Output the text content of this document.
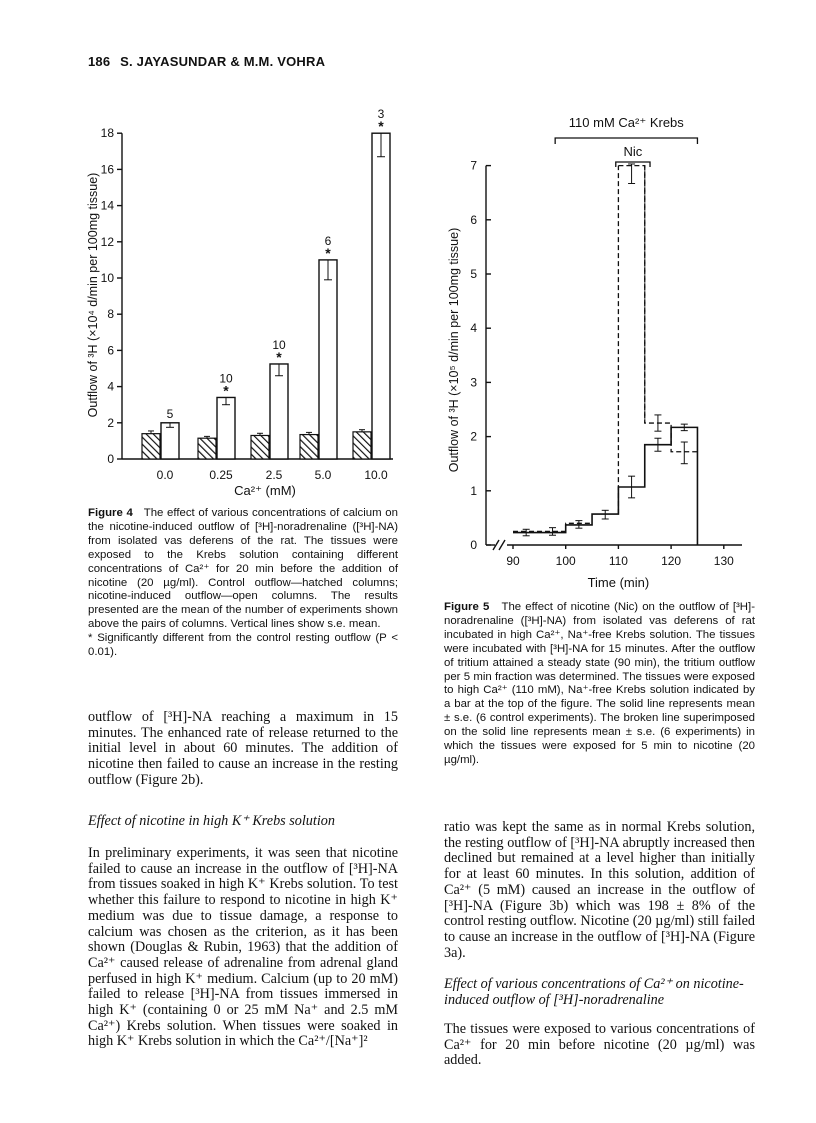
186 S. JAYASUNDAR & M.M. VOHRA
0
2
4
6
8
10
12
14
16
18
0.0
5
0.25
*
10
2.5
*
10
5.0
*
6
10.0
*
3
Ca²⁺ (mM)
Outflow of ³H (×10⁴ d/min per 100mg tissue)
0
1
2
3
4
5
6
7
90	100	110	120	130
110 mM Ca²⁺ Krebs
Nic
Time (min)
Outflow of ³H (×10⁵ d/min per 100mg tissue)
Figure 4 The effect of various concentrations of calcium on the nicotine-induced outflow of [³H]-noradrenaline ([³H]-NA) from isolated vas deferens of the rat. The tissues were exposed to the Krebs solution containing different concentrations of Ca²⁺ for 20 min before the addition of nicotine (20 µg/ml). Control outflow—hatched columns; nicotine-induced outflow—open columns. The results presented are the mean of the number of experiments shown above the pairs of columns. Vertical lines show s.e. mean.
* Significantly different from the control resting outflow (P < 0.01).
Figure 5 The effect of nicotine (Nic) on the outflow of [³H]-noradrenaline ([³H]-NA) from isolated vas deferens of rat incubated in high Ca²⁺, Na⁺-free Krebs solution. The tissues were incubated with [³H]-NA for 15 minutes. After the outflow of tritium attained a steady state (90 min), the tritium outflow per 5 min fraction was determined. The tissues were exposed to high Ca²⁺ (110 mM), Na⁺-free Krebs solution indicated by a bar at the top of the figure. The solid line represents mean ± s.e. (6 control experiments). The broken line superimposed on the solid line represents mean ± s.e. (6 experiments) in which the tissues were exposed for 5 min to nicotine (20 µg/ml).

outflow of [³H]-NA reaching a maximum in 15 minutes. The enhanced rate of release returned to the initial level in about 60 minutes. The addition of nicotine then failed to cause an increase in the resting outflow (Figure 2b).

Effect of nicotine in high K⁺ Krebs solution

In preliminary experiments, it was seen that nicotine failed to cause an increase in the outflow of [³H]-NA from tissues soaked in high K⁺ Krebs solution. To test whether this failure to respond to nicotine in high K⁺ medium was due to tissue damage, a response to calcium was chosen as the criterion, as it has been shown (Douglas & Rubin, 1963) that the addition of Ca²⁺ caused release of adrenaline from adrenal gland perfused in high K⁺ medium. Calcium (up to 20 mM) failed to release [³H]-NA from tissues immersed in high K⁺ (containing 0 or 25 mM Na⁺ and 2.5 mM Ca²⁺) Krebs solution. When tissues were soaked in high K⁺ Krebs solution in which the Ca²⁺/[Na⁺]²

ratio was kept the same as in normal Krebs solution, the resting outflow of [³H]-NA abruptly increased then declined but remained at a level higher than initially for at least 60 minutes. In this solution, addition of Ca²⁺ (5 mM) caused an increase in the outflow of [³H]-NA (Figure 3b) which was 198 ± 8% of the control resting outflow. Nicotine (20 µg/ml) still failed to cause an increase in the outflow of [³H]-NA (Figure 3a).

Effect of various concentrations of Ca²⁺ on nicotine-induced outflow of [³H]-noradrenaline

The tissues were exposed to various concentrations of Ca²⁺ for 20 min before nicotine (20 µg/ml) was added.
